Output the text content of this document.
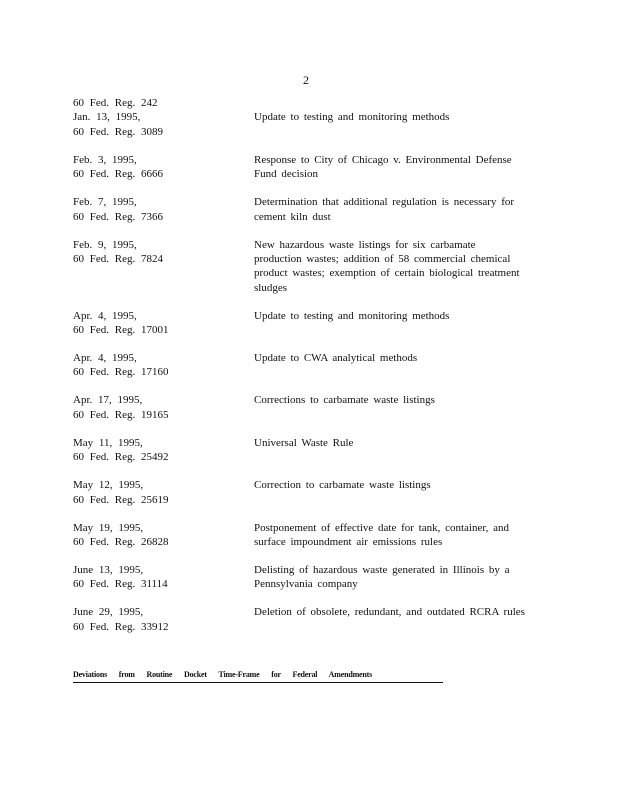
2
60 Fed. Reg. 242
Jan. 13, 1995,
60 Fed. Reg. 3089
Update to testing and monitoring methods
Feb. 3, 1995,
60 Fed. Reg. 6666
Response to City of Chicago v. Environmental Defense
Fund decision
Feb. 7, 1995,
60 Fed. Reg. 7366
Determination that additional regulation is necessary for
cement kiln dust
Feb. 9, 1995,
60 Fed. Reg. 7824
New hazardous waste listings for six carbamate
production wastes; addition of 58 commercial chemical
product wastes; exemption of certain biological treatment
sludges
Apr. 4, 1995,
60 Fed. Reg. 17001
Update to testing and monitoring methods
Apr. 4, 1995,
60 Fed. Reg. 17160
Update to CWA analytical methods
Apr. 17, 1995,
60 Fed. Reg. 19165
Corrections to carbamate waste listings
May 11, 1995,
60 Fed. Reg. 25492
Universal Waste Rule
May 12, 1995,
60 Fed. Reg. 25619
Correction to carbamate waste listings
May 19, 1995,
60 Fed. Reg. 26828
Postponement of effective date for tank, container, and
surface impoundment air emissions rules
June 13, 1995,
60 Fed. Reg. 31114
Delisting of hazardous waste generated in Illinois by a
Pennsylvania company
June 29, 1995,
60 Fed. Reg. 33912
Deletion of obsolete, redundant, and outdated RCRA rules
Deviations from Routine Docket Time-Frame for Federal Amendments
